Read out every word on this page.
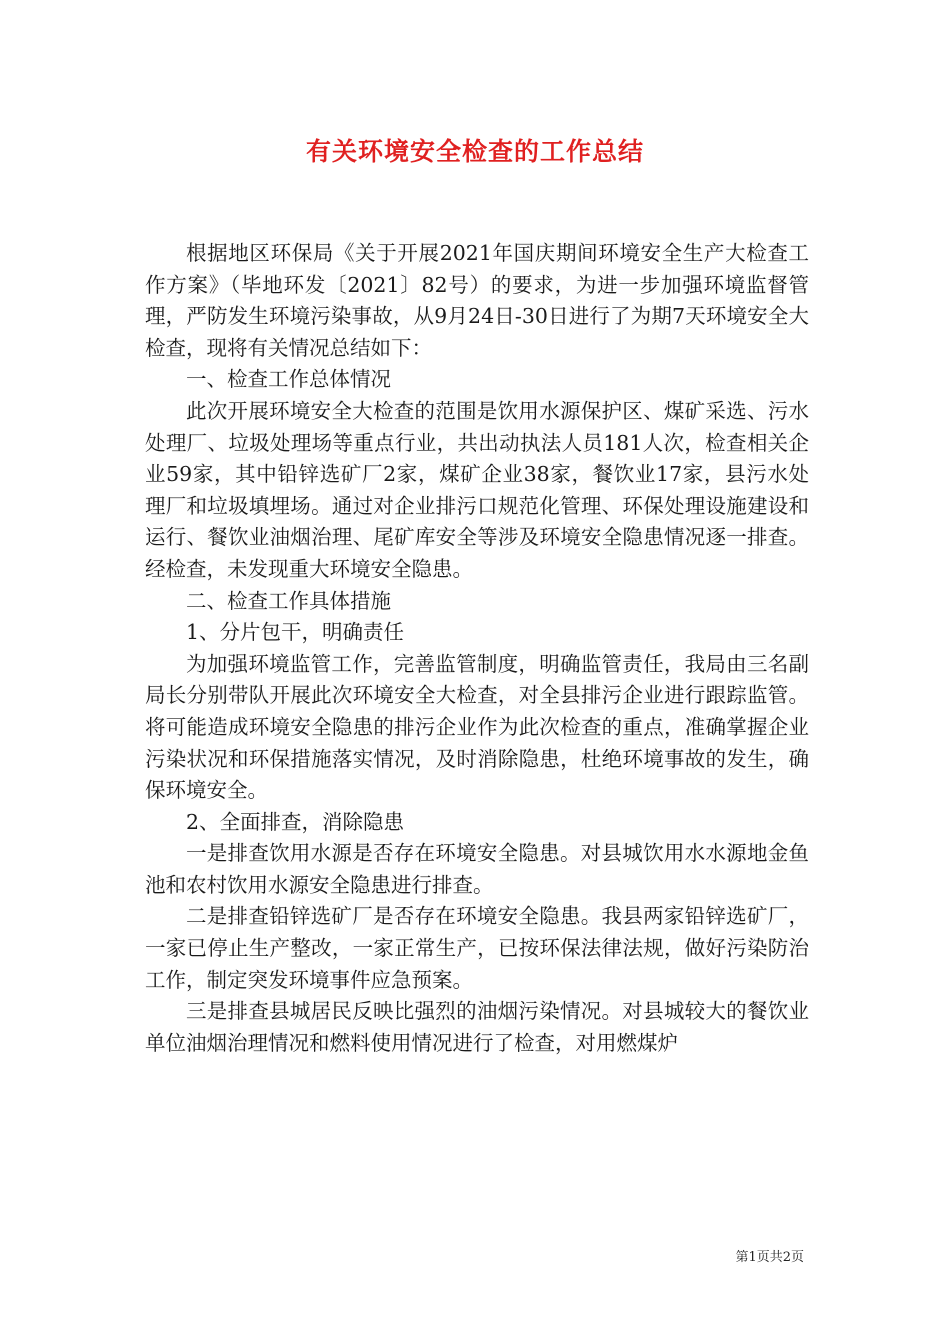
有关环境安全检查的工作总结

根据地区环保局《关于开展2021年国庆期间环境安全生产大检查工作方案》（毕地环发〔2021〕82号）的要求，为进一步加强环境监督管理，严防发生环境污染事故，从9月24日-30日进行了为期7天环境安全大检查，现将有关情况总结如下：

一、检查工作总体情况

此次开展环境安全大检查的范围是饮用水源保护区、煤矿采选、污水处理厂、垃圾处理场等重点行业，共出动执法人员181人次，检查相关企业59家，其中铅锌选矿厂2家，煤矿企业38家，餐饮业17家，县污水处理厂和垃圾填埋场。通过对企业排污口规范化管理、环保处理设施建设和运行、餐饮业油烟治理、尾矿库安全等涉及环境安全隐患情况逐一排查。经检查，未发现重大环境安全隐患。

二、检查工作具体措施

1、分片包干，明确责任

为加强环境监管工作，完善监管制度，明确监管责任，我局由三名副局长分别带队开展此次环境安全大检查，对全县排污企业进行跟踪监管。将可能造成环境安全隐患的排污企业作为此次检查的重点，准确掌握企业污染状况和环保措施落实情况，及时消除隐患，杜绝环境事故的发生，确保环境安全。

2、全面排查，消除隐患

一是排查饮用水源是否存在环境安全隐患。对县城饮用水水源地金鱼池和农村饮用水源安全隐患进行排查。

二是排查铅锌选矿厂是否存在环境安全隐患。我县两家铅锌选矿厂，一家已停止生产整改，一家正常生产，已按环保法律法规，做好污染防治工作，制定突发环境事件应急预案。

三是排查县城居民反映比强烈的油烟污染情况。对县城较大的餐饮业单位油烟治理情况和燃料使用情况进行了检查，对用燃煤炉

第1页共2页
